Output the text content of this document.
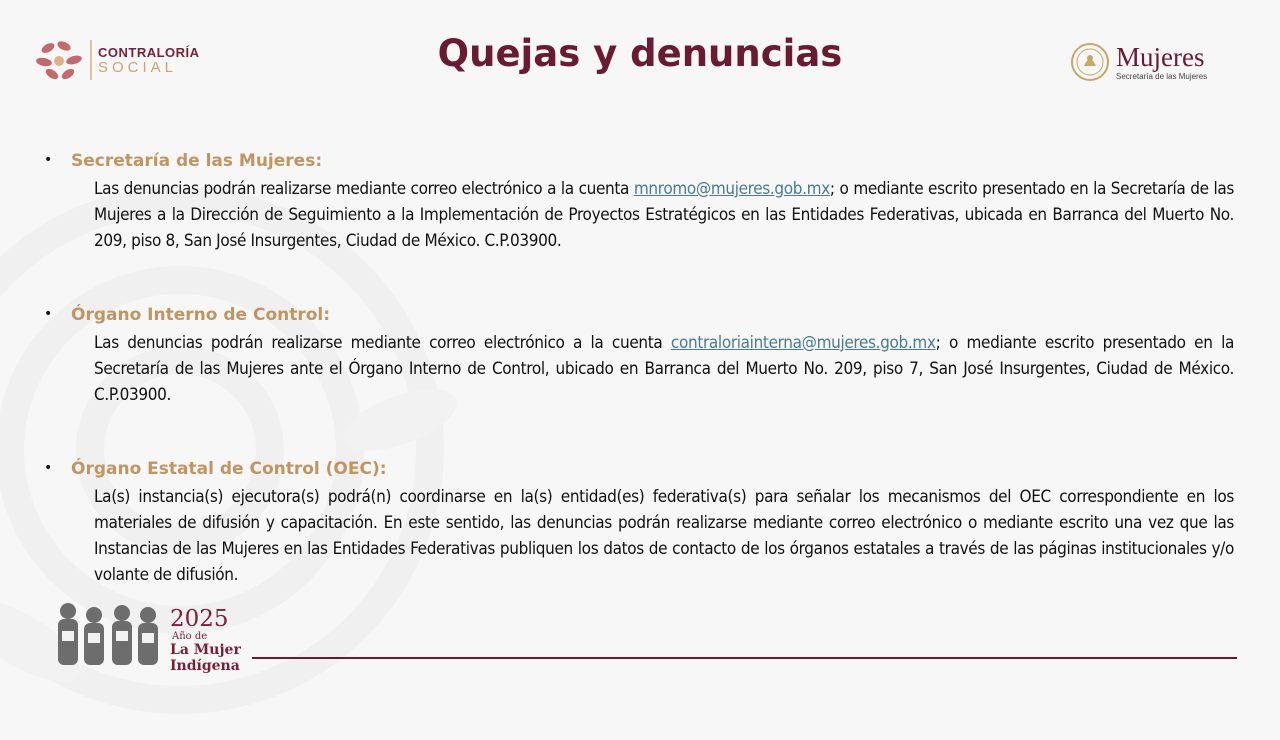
CONTRALORÍA
SOCIAL	Quejas y denuncias	Mujeres
Secretaría de las Mujeres
• Secretaría de las Mujeres:

Las denuncias podrán realizarse mediante correo electrónico a la cuenta mnromo@mujeres.gob.mx; o mediante escrito presentado en la Secretaría de las Mujeres a la Dirección de Seguimiento a la Implementación de Proyectos Estratégicos en las Entidades Federativas, ubicada en Barranca del Muerto No. 209, piso 8, San José Insurgentes, Ciudad de México. C.P.03900.

• Órgano Interno de Control:

Las denuncias podrán realizarse mediante correo electrónico a la cuenta contraloriainterna@mujeres.gob.mx; o mediante escrito presentado en la Secretaría de las Mujeres ante el Órgano Interno de Control, ubicado en Barranca del Muerto No. 209, piso 7, San José Insurgentes, Ciudad de México. C.P.03900.

• Órgano Estatal de Control (OEC):

La(s) instancia(s) ejecutora(s) podrá(n) coordinarse en la(s) entidad(es) federativa(s) para señalar los mecanismos del OEC correspondiente en los materiales de difusión y capacitación. En este sentido, las denuncias podrán realizarse mediante correo electrónico o mediante escrito una vez que las Instancias de las Mujeres en las Entidades Federativas publiquen los datos de contacto de los órganos estatales a través de las páginas institucionales y/o volante de difusión.

2025
Año de
La Mujer
Indígena
